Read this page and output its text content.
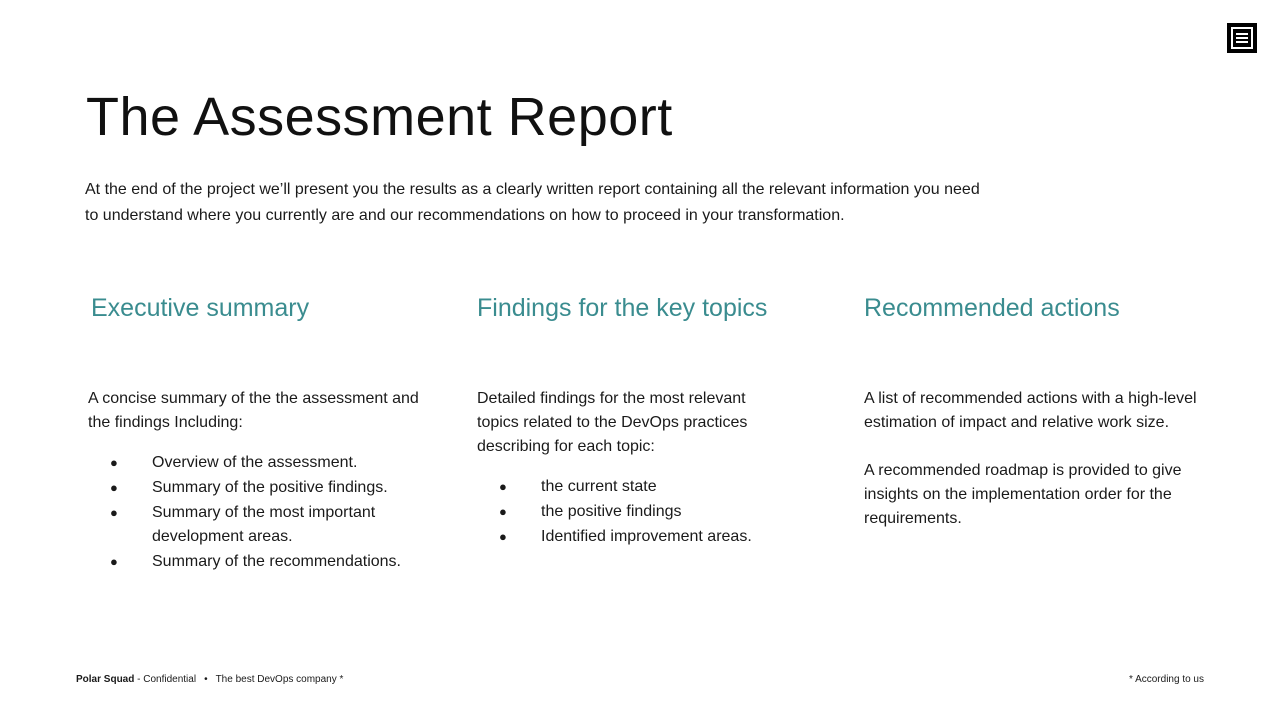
The Assessment Report

At the end of the project we’ll present you the results as a clearly written report containing all the relevant information you need
to understand where you currently are and our recommendations on how to proceed in your transformation.

Executive summary

A concise summary of the the assessment and the findings Including:

● Overview of the assessment.
● Summary of the positive findings.
● Summary of the most important development areas.
● Summary of the recommendations.
Findings for the key topics

Detailed findings for the most relevant topics related to the DevOps practices describing for each topic:

● the current state
● the positive findings
● Identified improvement areas.
Recommended actions

A list of recommended actions with a high-level estimation of impact and relative work size.

A recommended roadmap is provided to give insights on the implementation order for the requirements.

Polar Squad - Confidential • The best DevOps company *	* According to us
